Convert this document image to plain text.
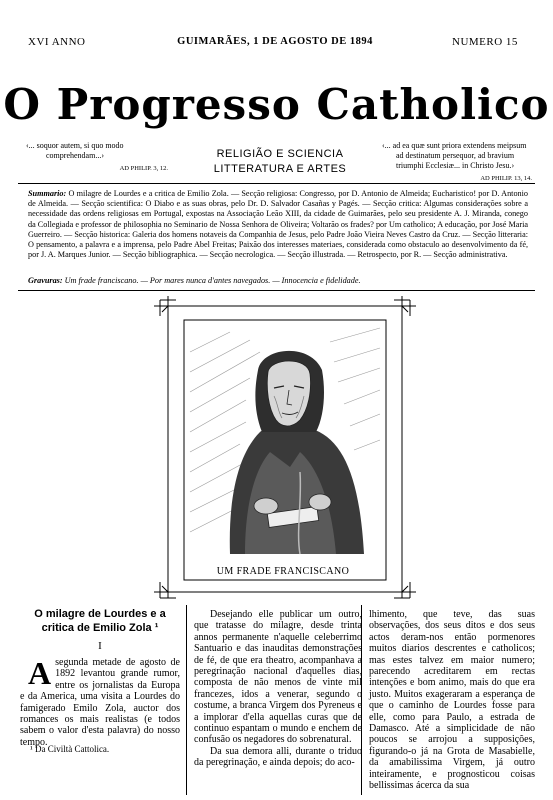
XVI ANNO	GUIMARÃES, 1 DE AGOSTO DE 1894	NUMERO 15
O Progresso Catholico
‹... soquor autem, si quo modo
comprehendam...›
AD PHILIP. 3, 12.
‹... ad ea quæ sunt priora extendens meipsum
ad destinatum persequor, ad bravium
triumphi Ecclesiæ... in Christo Jesu.›
AD PHILIP. 13, 14.
RELIGIÃO E SCIENCIA
LITTERATURA E ARTES
Summario: O milagre de Lourdes e a critica de Emilio Zola. — Secção religiosa: Congresso, por D. Antonio de Almeida; Eucharistico! por D. Antonio de Almeida. — Secção scientifica: O Diabo e as suas obras, pelo Dr. D. Salvador Casañas y Pagés. — Secção critica: Algumas considerações sobre a necessidade das ordens religiosas em Portugal, expostas na Associação Leão XIII, da cidade de Guimarães, pelo seu presidente A. J. Miranda, conego da Collegiada e professor de philosophia no Seminario de Nossa Senhora de Oliveira; Voltarão os frades? por Um catholico; A educação, por José Maria Guerreiro. — Secção historica: Galeria dos homens notaveis da Companhia de Jesus, pelo Padre João Vieira Neves Castro da Cruz. — Secção litteraria: O pensamento, a palavra e a imprensa, pelo Padre Abel Freitas; Paixão dos interesses materiaes, considerada como obstaculo ao desenvolvimento da fé, por J. A. Marques Junior. — Secção bibliographica. — Secção necrologica. — Secção illustrada. — Retrospecto, por R. — Secção administrativa.
Gravuras: Um frade franciscano. — Por mares nunca d'antes navegados. — Innocencia e fidelidade.
UM FRADE FRANCISCANO
O milagre de Lourdes e a critica de Emilio Zola ¹
I
A segunda metade de agosto de 1892 levantou grande rumor, entre os jornalistas da Europa e da America, uma visita a Lourdes do famigerado Emilo Zola, auctor dos romances os mais realistas (e todos sabem o valor d'esta palavra) do nosso tempo.
¹ Da Civiltà Cattolica.

Desejando elle publicar um outro, que tratasse do milagre, desde trinta annos permanente n'aquelle celeberrimo Santuario e das inauditas demonstrações de fé, de que era theatro, acompanhava a peregrinação nacional d'aquelles dias, composta de não menos de vinte mil francezes, idos a venerar, segundo o costume, a branca Virgem dos Pyreneus e a implorar d'ella aquellas curas que de continuo espantam o mundo e enchem de confusão os negadores do sobrenatural.

Da sua demora alli, durante o triduo da peregrinação, e ainda depois; do aco-

lhimento, que teve, das suas observações, dos seus ditos e dos seus actos deram-nos então pormenores muitos diarios descrentes e catholicos; mas estes talvez em maior numero; parecendo acreditarem em rectas intenções e bom animo, mais do que era justo. Muitos exageraram a esperança de que o caminho de Lourdes fosse para elle, como para Paulo, a estrada de Damasco. Até a simplicidade de não poucos se arrojou a supposições, figurando-o já na Grota de Masabielle, da amabilissima Virgem, já outro inteiramente, e prognosticou coisas bellissimas ácerca da sua
